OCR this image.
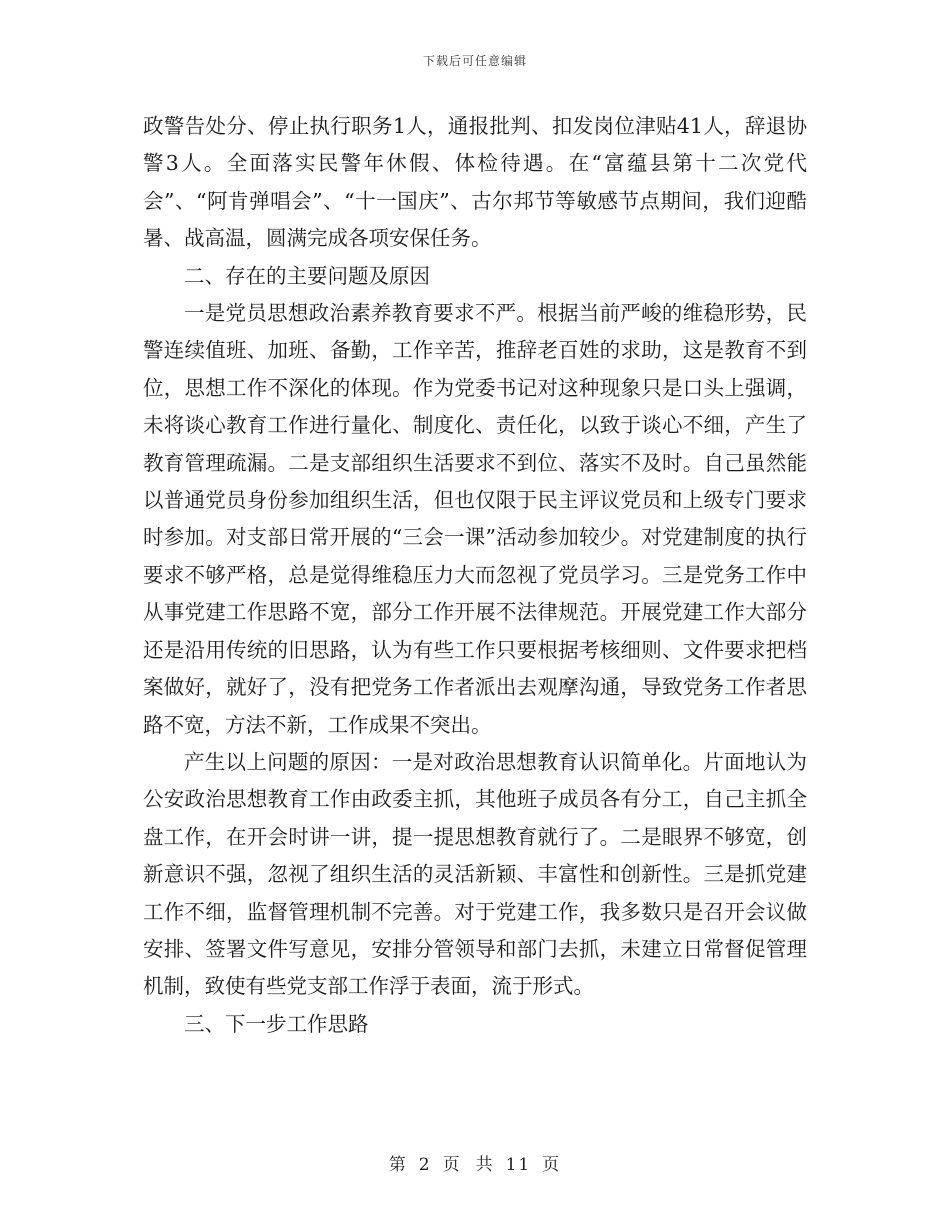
下载后可任意编辑

政警告处分、停止执行职务1人，通报批判、扣发岗位津贴41人，辞退协警3人。全面落实民警年休假、体检待遇。在“富蕴县第十二次党代会”、“阿肯弹唱会”、“十一国庆”、古尔邦节等敏感节点期间，我们迎酷暑、战高温，圆满完成各项安保任务。

二、存在的主要问题及原因

一是党员思想政治素养教育要求不严。根据当前严峻的维稳形势，民警连续值班、加班、备勤，工作辛苦，推辞老百姓的求助，这是教育不到位，思想工作不深化的体现。作为党委书记对这种现象只是口头上强调，未将谈心教育工作进行量化、制度化、责任化，以致于谈心不细，产生了教育管理疏漏。二是支部组织生活要求不到位、落实不及时。自己虽然能以普通党员身份参加组织生活，但也仅限于民主评议党员和上级专门要求时参加。对支部日常开展的“三会一课”活动参加较少。对党建制度的执行要求不够严格，总是觉得维稳压力大而忽视了党员学习。三是党务工作中从事党建工作思路不宽，部分工作开展不法律规范。开展党建工作大部分还是沿用传统的旧思路，认为有些工作只要根据考核细则、文件要求把档案做好，就好了，没有把党务工作者派出去观摩沟通，导致党务工作者思路不宽，方法不新，工作成果不突出。

产生以上问题的原因：一是对政治思想教育认识简单化。片面地认为公安政治思想教育工作由政委主抓，其他班子成员各有分工，自己主抓全盘工作，在开会时讲一讲，提一提思想教育就行了。二是眼界不够宽，创新意识不强，忽视了组织生活的灵活新颖、丰富性和创新性。三是抓党建工作不细，监督管理机制不完善。对于党建工作，我多数只是召开会议做安排、签署文件写意见，安排分管领导和部门去抓，未建立日常督促管理机制，致使有些党支部工作浮于表面，流于形式。

三、下一步工作思路

第 2 页 共 11 页
